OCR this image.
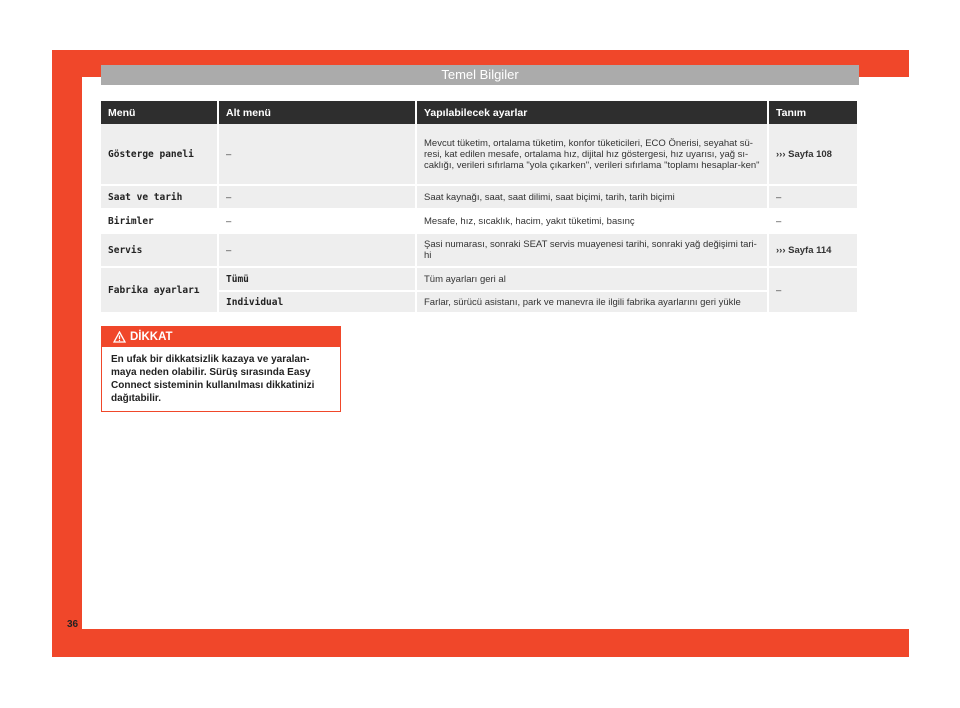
Temel Bilgiler
Menü	Alt menü	Yapılabilecek ayarlar	Tanım
Gösterge paneli	–	Mevcut tüketim, ortalama tüketim, konfor tüketicileri, ECO Önerisi, seyahat sü-resi, kat edilen mesafe, ortalama hız, dijital hız göstergesi, hız uyarısı, yağ sı-caklığı, verileri sıfırlama "yola çıkarken", verileri sıfırlama "toplamı hesaplar-ken"	››› Sayfa 108
Saat ve tarih	–	Saat kaynağı, saat, saat dilimi, saat biçimi, tarih, tarih biçimi	–
Birimler	–	Mesafe, hız, sıcaklık, hacim, yakıt tüketimi, basınç	–
Servis	–	Şasi numarası, sonraki SEAT servis muayenesi tarihi, sonraki yağ değişimi tari-hi	››› Sayfa 114
Fabrika ayarları	Tümü	Tüm ayarları geri al	–
	Individual	Farlar, sürücü asistanı, park ve manevra ile ilgili fabrika ayarlarını geri yükle	
DİKKAT
En ufak bir dikkatsizlik kazaya ve yaralan-maya neden olabilir. Sürüş sırasında Easy Connect sisteminin kullanılması dikkatinizi dağıtabilir.
36
